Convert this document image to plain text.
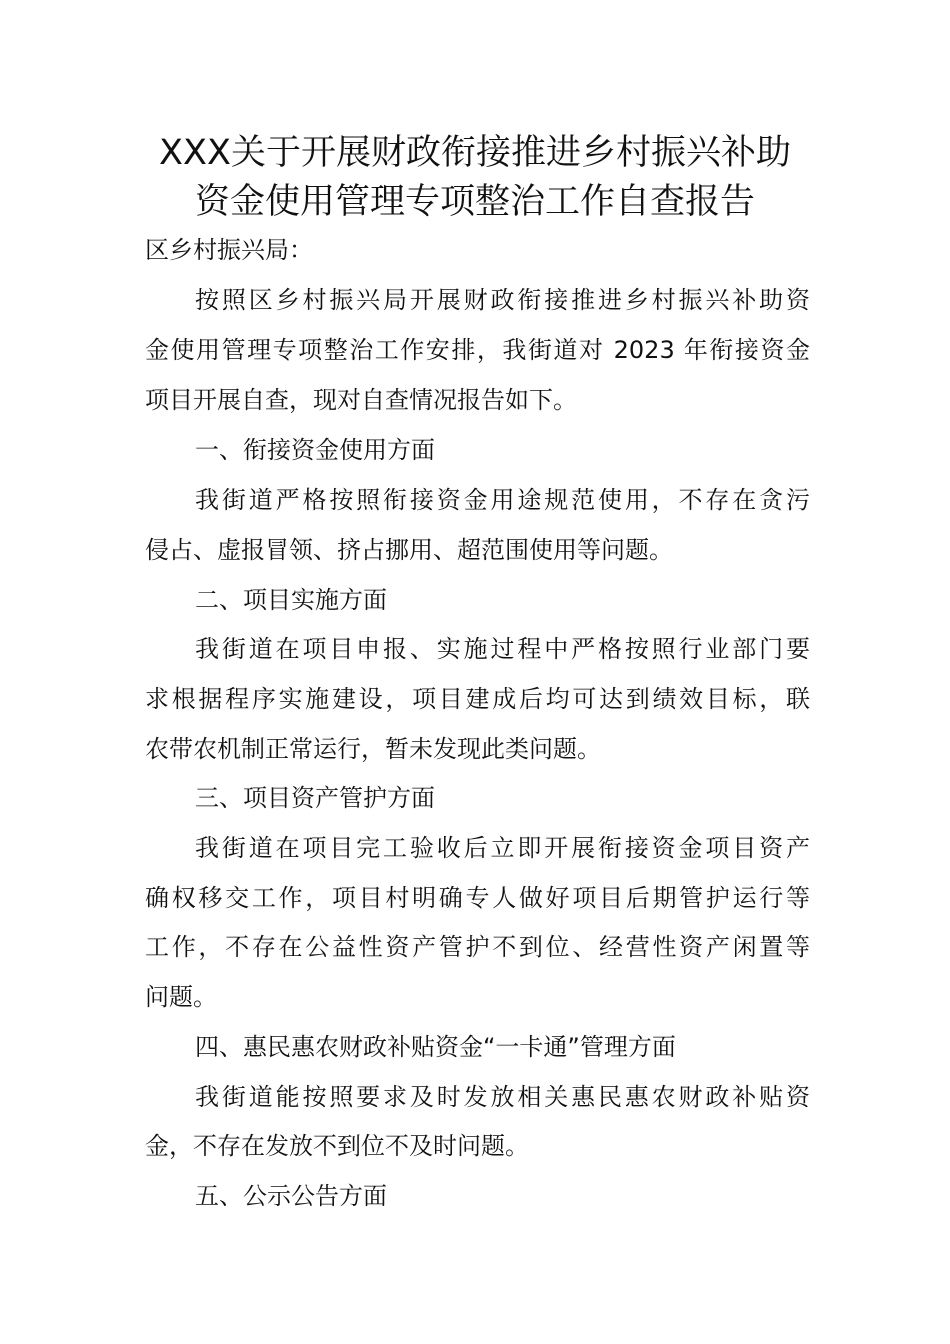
XXX关于开展财政衔接推进乡村振兴补助
资金使用管理专项整治工作自查报告
区乡村振兴局：
按照区乡村振兴局开展财政衔接推进乡村振兴补助资
金使用管理专项整治工作安排，我街道对 2023 年衔接资金
项目开展自查，现对自查情况报告如下。
一、衔接资金使用方面
我街道严格按照衔接资金用途规范使用，不存在贪污
侵占、虚报冒领、挤占挪用、超范围使用等问题。
二、项目实施方面
我街道在项目申报、实施过程中严格按照行业部门要
求根据程序实施建设，项目建成后均可达到绩效目标，联
农带农机制正常运行，暂未发现此类问题。
三、项目资产管护方面
我街道在项目完工验收后立即开展衔接资金项目资产
确权移交工作，项目村明确专人做好项目后期管护运行等
工作，不存在公益性资产管护不到位、经营性资产闲置等
问题。
四、惠民惠农财政补贴资金“一卡通”管理方面
我街道能按照要求及时发放相关惠民惠农财政补贴资
金，不存在发放不到位不及时问题。
五、公示公告方面
